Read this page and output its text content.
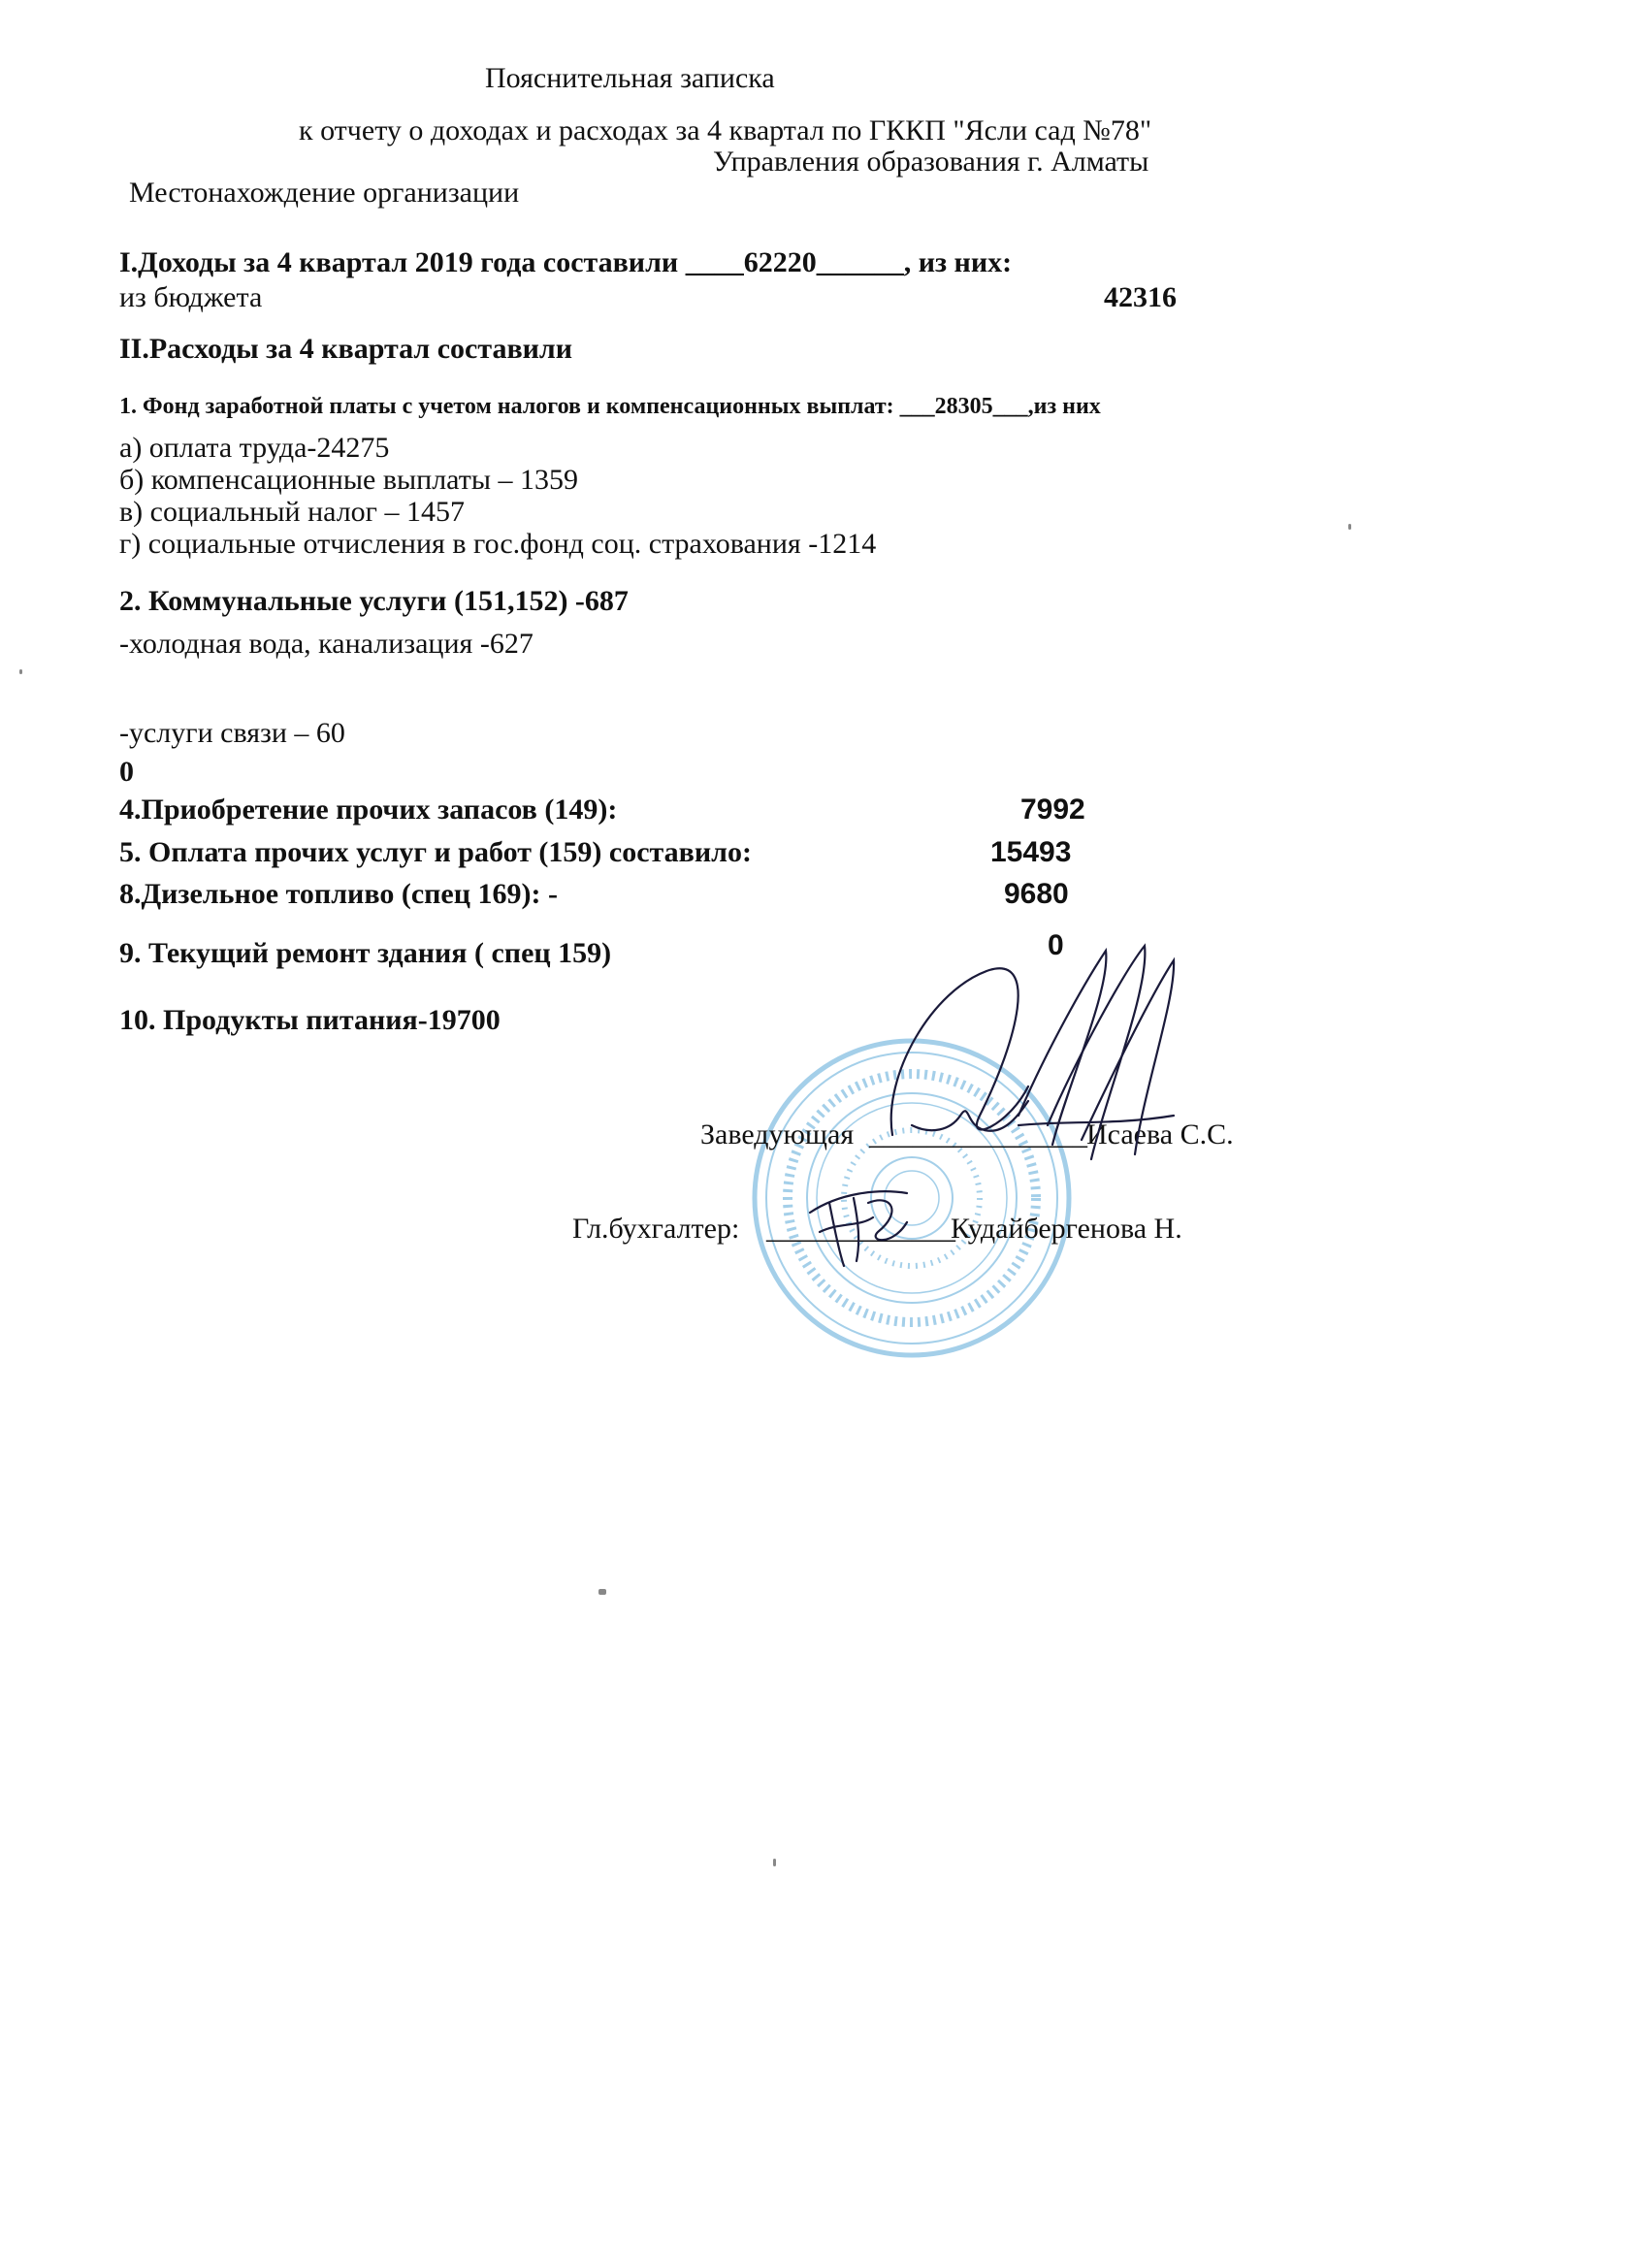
Пояснительная записка
к отчету о доходах и расходах за 4 квартал по ГККП "Ясли сад №78"
Управления образования г. Алматы
Местонахождение организации
I.Доходы за 4 квартал 2019 года составили ____62220______, из них:
из бюджета	42316
II.Расходы за 4 квартал составили
1. Фонд заработной платы с учетом налогов и компенсационных выплат: ___28305___,из них
а) оплата труда-24275
б) компенсационные выплаты – 1359
в) социальный налог – 1457
г) социальные отчисления в гос.фонд соц. страхования -1214
2. Коммунальные услуги (151,152) -687
-холодная вода, канализация -627
-услуги связи – 60
0
4.Приобретение прочих запасов (149):	7992
5. Оплата прочих услуг и работ (159) составило:	15493
8.Дизельное топливо (спец 169): -	9680
9. Текущий ремонт здания ( спец 159)	0
10. Продукты питания-19700
Заведующая _______________ Исаева С.С.
Гл.бухгалтер: _____________
Кудайбергенова Н.
